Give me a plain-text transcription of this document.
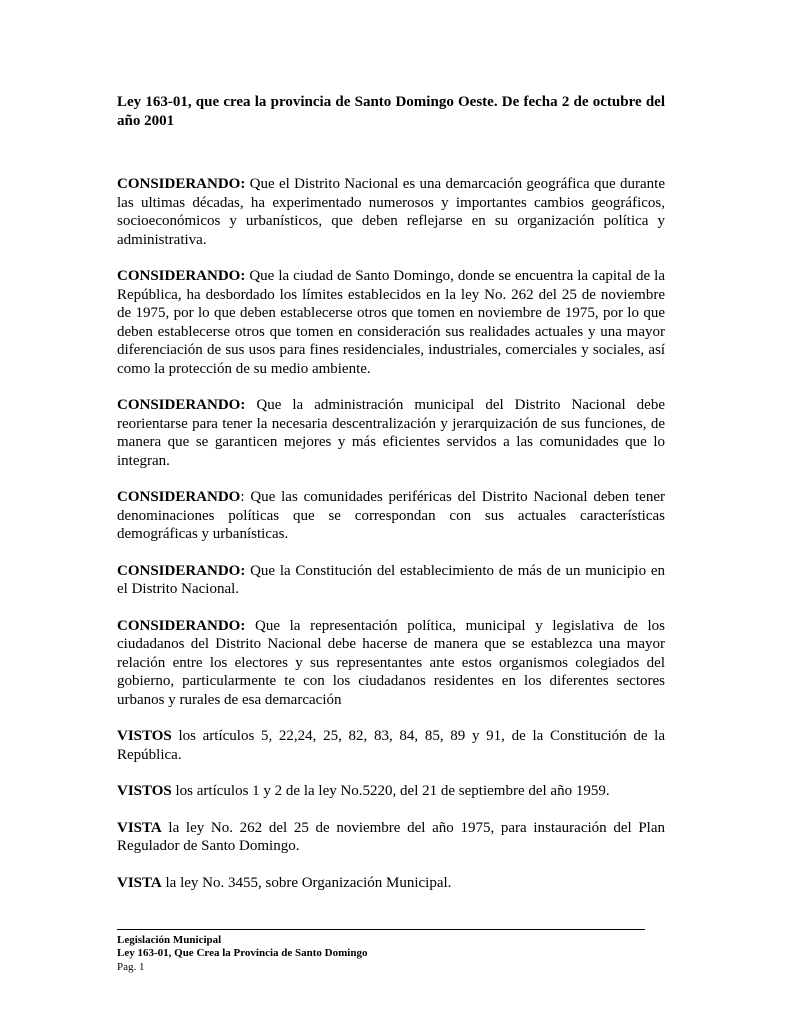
Ley 163-01, que crea la provincia de Santo Domingo Oeste. De fecha 2 de octubre del año 2001

CONSIDERANDO: Que el Distrito Nacional es una demarcación geográfica que durante las ultimas décadas, ha experimentado numerosos y importantes cambios geográficos, socioeconómicos y urbanísticos, que deben reflejarse en su organización política y administrativa.

CONSIDERANDO: Que la ciudad de Santo Domingo, donde se encuentra la capital de la República, ha desbordado los límites establecidos en la ley No. 262 del 25 de noviembre de 1975, por lo que deben establecerse otros que tomen en noviembre de 1975, por lo que deben establecerse otros que tomen en consideración sus realidades actuales y una mayor diferenciación de sus usos para fines residenciales, industriales, comerciales y sociales, así como la protección de su medio ambiente.

CONSIDERANDO: Que la administración municipal del Distrito Nacional debe reorientarse para tener la necesaria descentralización y jerarquización de sus funciones, de manera que se garanticen mejores y más eficientes servidos a las comunidades que lo integran.

CONSIDERANDO: Que las comunidades periféricas del Distrito Nacional deben tener denominaciones políticas que se correspondan con sus actuales características demográficas y urbanísticas.

CONSIDERANDO: Que la Constitución del establecimiento de más de un municipio en el Distrito Nacional.

CONSIDERANDO: Que la representación política, municipal y legislativa de los ciudadanos del Distrito Nacional debe hacerse de manera que se establezca una mayor relación entre los electores y sus representantes ante estos organismos colegiados del gobierno, particularmente te con los ciudadanos residentes en los diferentes sectores urbanos y rurales de esa demarcación

VISTOS los artículos 5, 22,24, 25, 82, 83, 84, 85, 89 y 91, de la Constitución de la República.

VISTOS los artículos 1 y 2 de la ley No.5220, del 21 de septiembre del año 1959.

VISTA la ley No. 262 del 25 de noviembre del año 1975, para instauración del Plan Regulador de Santo Domingo.

VISTA la ley No. 3455, sobre Organización Municipal.

Legislación Municipal

Ley 163-01, Que Crea la Provincia de Santo Domingo

Pag. 1
